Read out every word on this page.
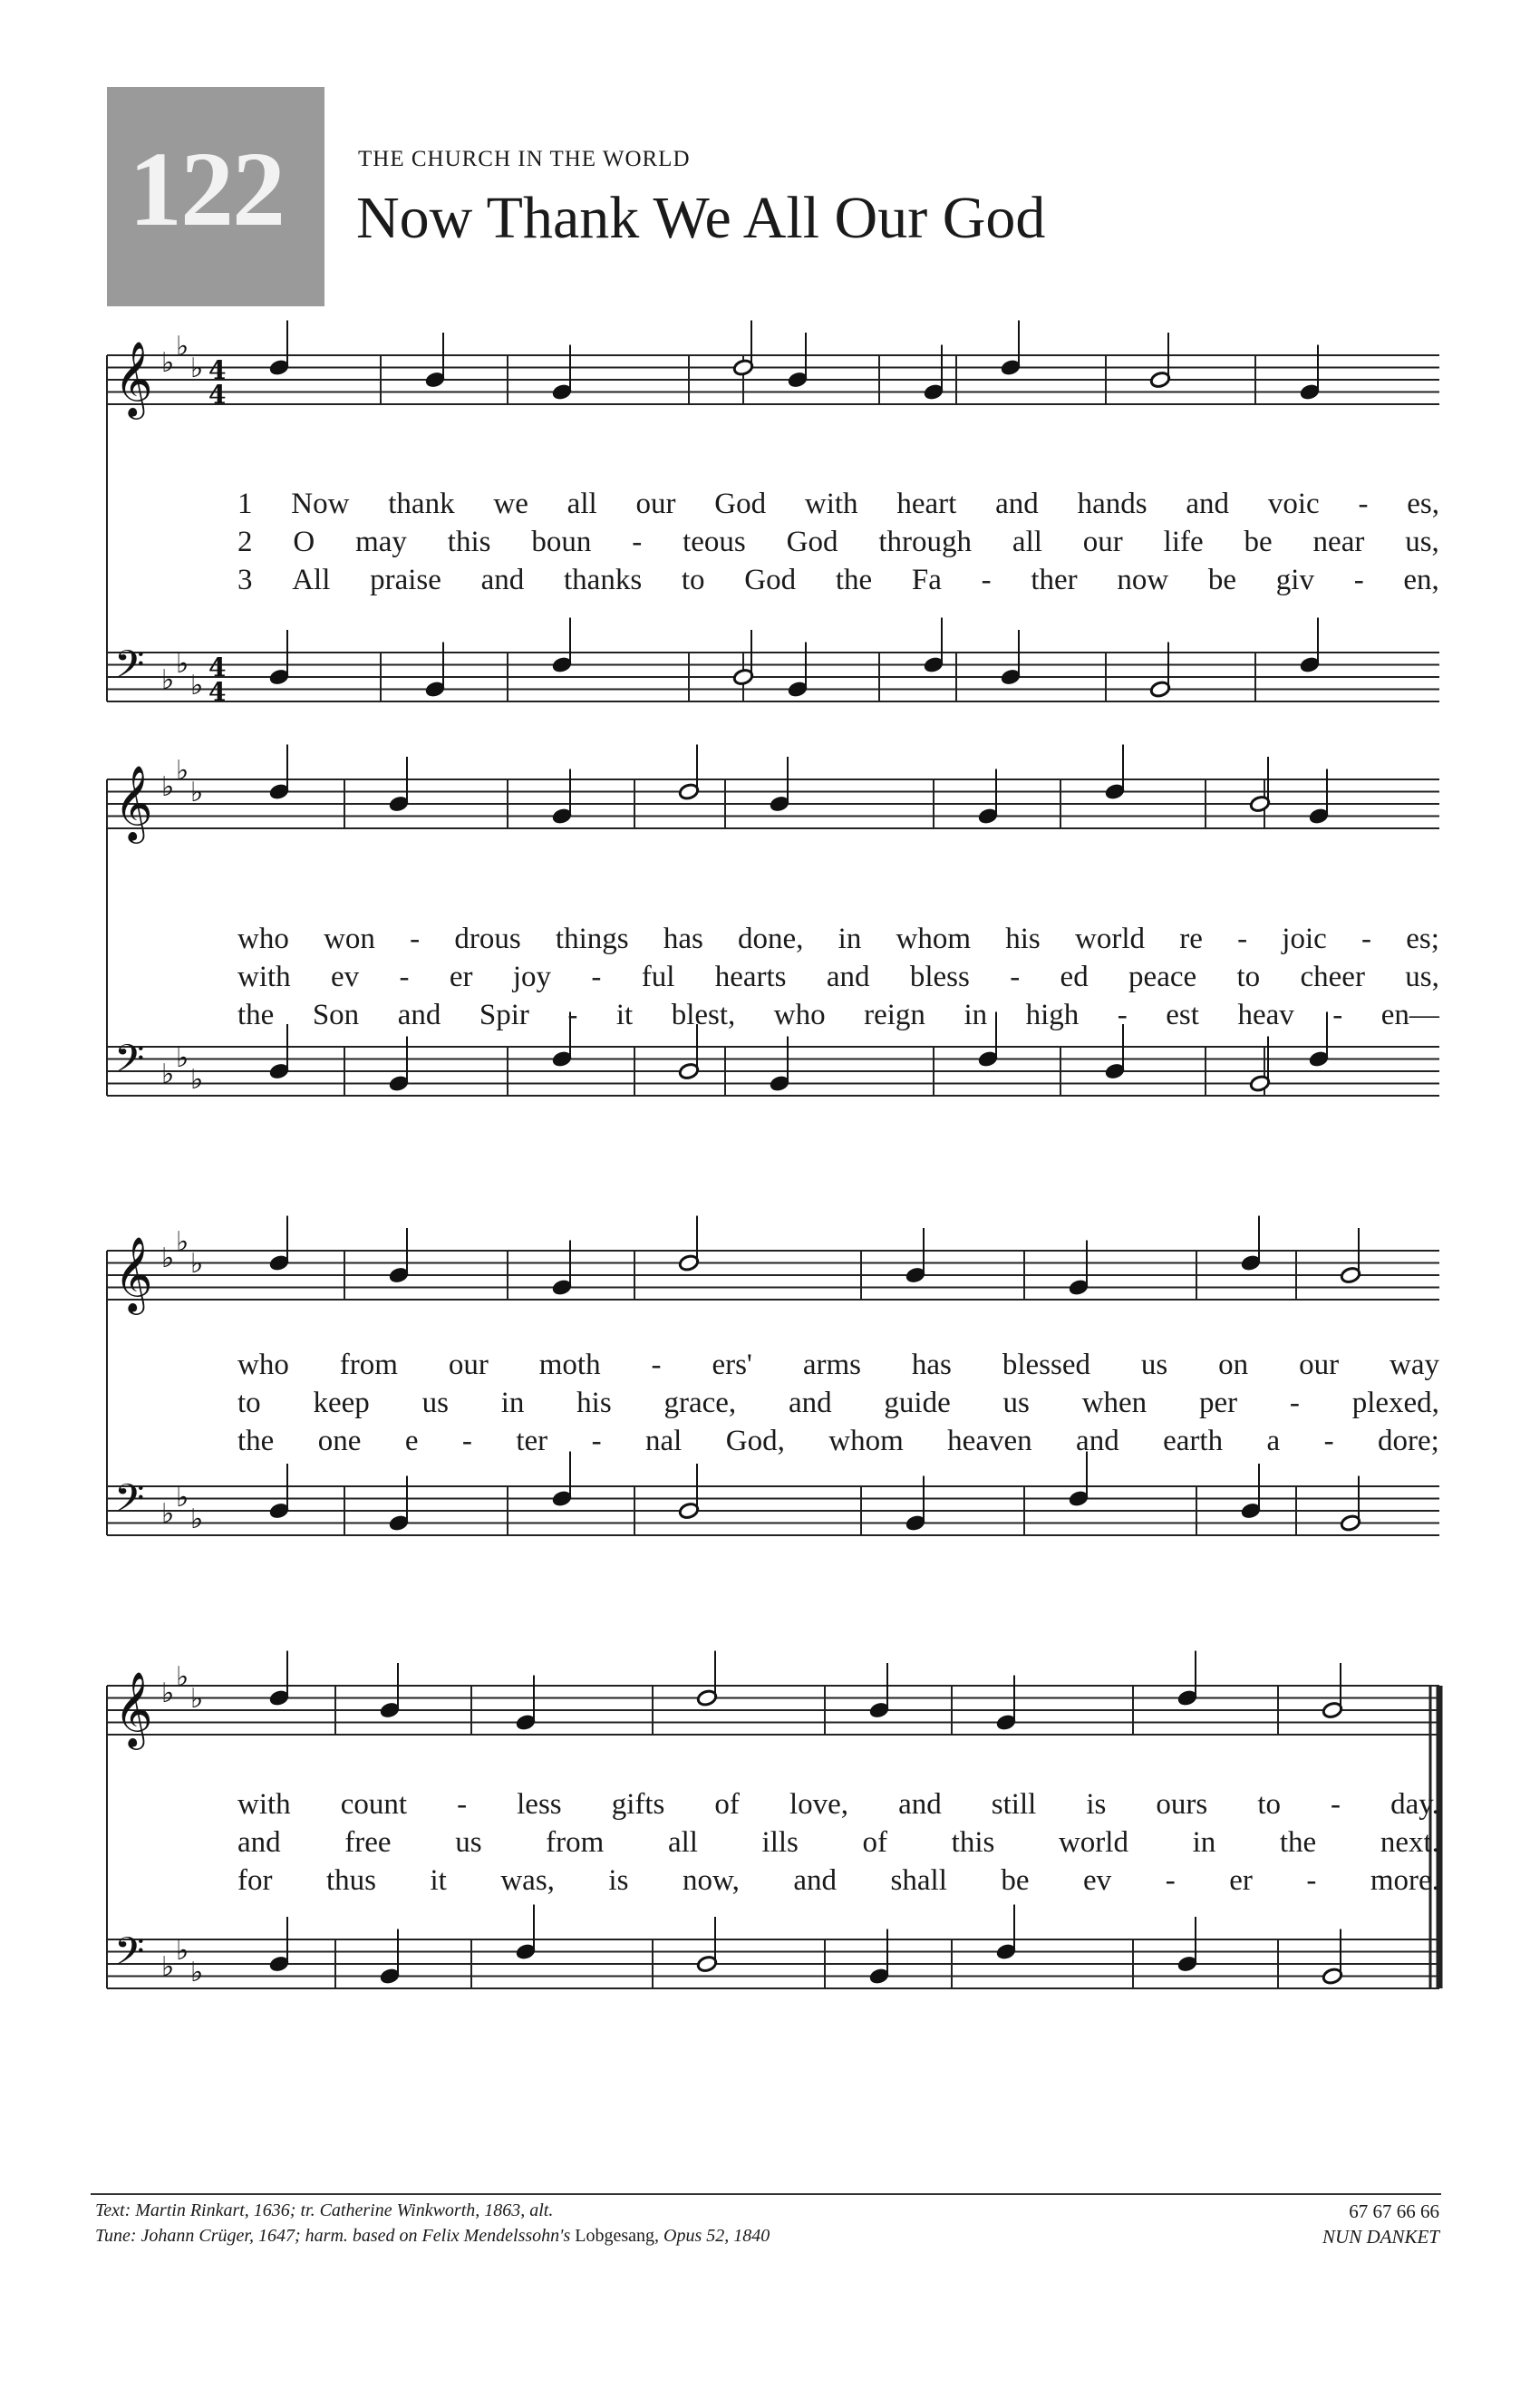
122	THE CHURCH IN THE WORLD
Now Thank We All Our God
𝄞 ♭
♭
♭ 4
4
𝄢 ♭
♭
♭
4
4
𝄞 ♭
♭
♭
𝄢 ♭
♭
♭
𝄞 ♭
♭
♭
𝄢 ♭
♭
♭
𝄞 ♭
♭
♭
𝄢 ♭
♭
♭
1 Now thank we all our God with heart and hands and voic - es,
2 O may this boun - teous God through all our life be near us,
3 All praise and thanks to God the Fa - ther now be giv - en,
who won - drous things has done, in whom his world re - joic - es;
with ev - er joy - ful hearts and bless - ed peace to cheer us,
the Son and Spir - it blest, who reign in high - est heav - en—
who from our moth - ers' arms has blessed us on our way
to keep us in his grace, and guide us when per - plexed,
the one e - ter - nal God, whom heaven and earth a - dore;
with count - less gifts of love, and still is ours to - day.
and free us from all ills of this world in the next.
for thus it was, is now, and shall be ev - er - more.
Text: Martin Rinkart, 1636; tr. Catherine Winkworth, 1863, alt.
Tune: Johann Crüger, 1647; harm. based on Felix Mendelssohn's Lobgesang, Opus 52, 1840
67 67 66 66
NUN DANKET
